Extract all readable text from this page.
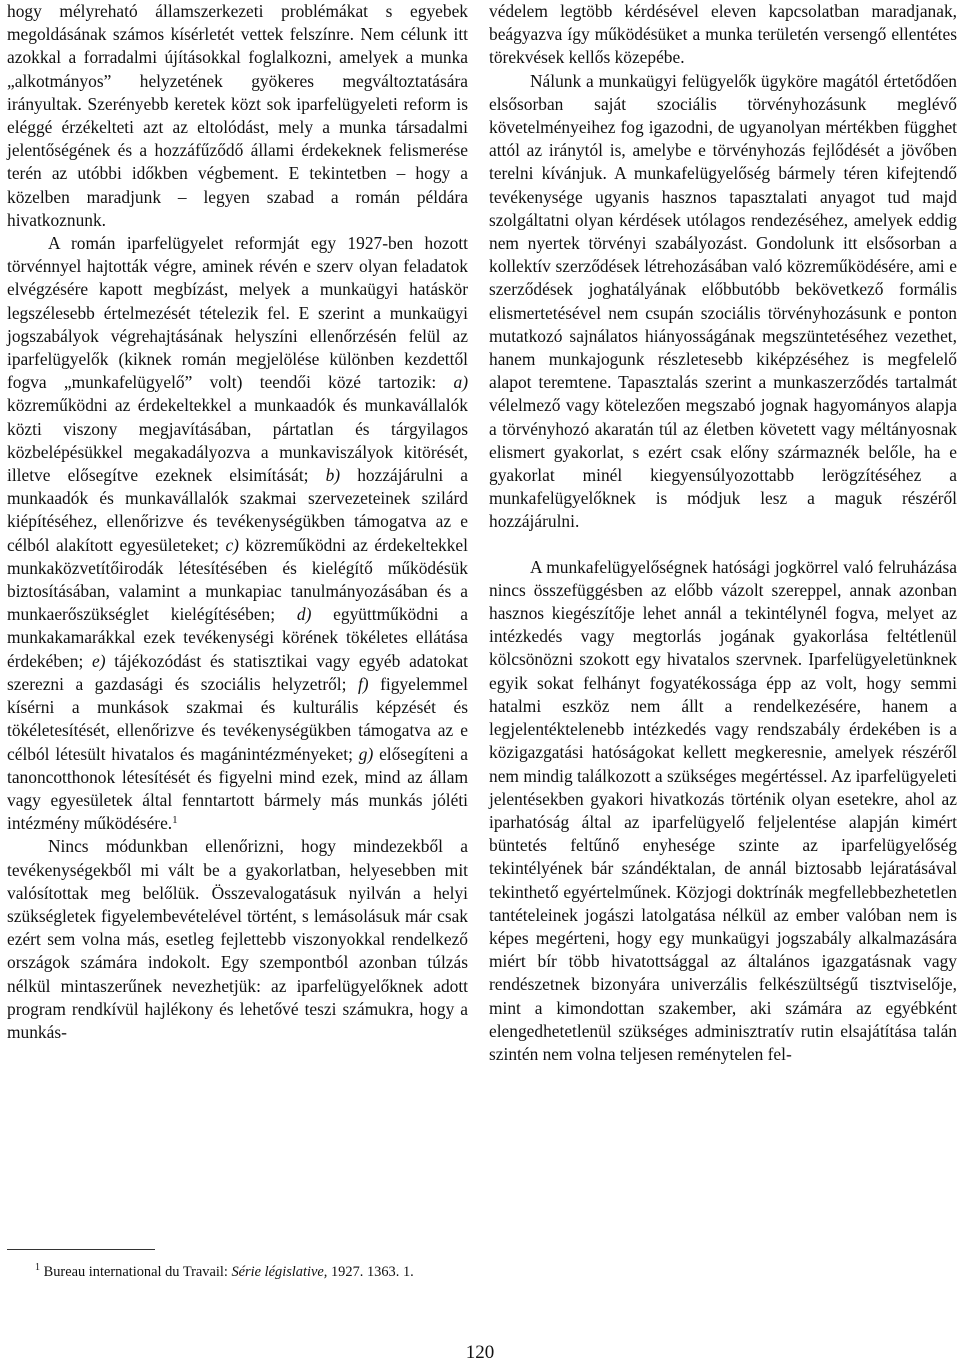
hogy mélyreható államszerkezeti problémákat s egyebek megoldásának számos kísérletét vettek felszínre. Nem célunk itt azokkal a forradalmi újításokkal foglalkozni, amelyek a munka „alkotmányos” helyzetének gyökeres megváltoztatására irányultak. Szerényebb keretek közt sok iparfelügyeleti reform is eléggé érzékelteti azt az eltolódást, mely a munka társadalmi jelentőségének és a hozzáfűződő állami érdekeknek felismerése terén az utóbbi időkben végbement. E tekintetben – hogy a közelben maradjunk – legyen szabad a román példára hivatkoznunk.

A román iparfelügyelet reformját egy 1927-ben hozott törvénnyel hajtották végre, aminek révén e szerv olyan feladatok elvégzésére kapott megbízást, melyek a munkaügyi hatáskör legszélesebb értelmezését tételezik fel. E szerint a munkaügyi jogszabályok végrehajtásának helyszíni ellenőrzésén felül az iparfelügyelők (kiknek román megjelölése különben kezdettől fogva „munkafelügyelő” volt) teendői közé tartozik: a) közreműködni az érdekeltekkel a munkaadók és munkavállalók közti viszony megjavításában, pártatlan és tárgyilagos közbelépésükkel megakadályozva a munkaviszályok kitörését, illetve elősegítve ezeknek elsimítását; b) hozzájárulni a munkaadók és munkavállalók szakmai szervezeteinek szilárd kiépítéséhez, ellenőrizve és tevékenységükben támogatva az e célból alakított egyesületeket; c) közreműködni az érdekeltekkel munkaközvetítőirodák létesítésében és kielégítő működésük biztosításában, valamint a munkapiac tanulmányozásában és a munkaerőszükséglet kielégítésében; d) együttműködni a munkakamarákkal ezek tevékenységi körének tökéletes ellátása érdekében; e) tájékozódást és statisztikai vagy egyéb adatokat szerezni a gazdasági és szociális helyzetről; f) figyelemmel kísérni a munkások szakmai és kulturális képzését és tökéletesítését, ellenőrizve és tevékenységükben támogatva az e célból létesült hivatalos és magánintézményeket; g) elősegíteni a tanoncotthonok létesítését és figyelni mind ezek, mind az állam vagy egyesületek által fenntartott bármely más munkás jóléti intézmény működésére.$^1$

Nincs módunkban ellenőrizni, hogy mindezekből a tevékenységekből mi vált be a gyakorlatban, helyesebben mit valósítottak meg belőlük. Összevalogatásuk nyilván a helyi szükségletek figyelembevételével történt, s lemásolásuk már csak ezért sem volna más, esetleg fejlettebb viszonyokkal rendelkező országok számára indokolt. Egy szempontból azonban túlzás nélkül mintaszerűnek nevezhetjük: az iparfelügyelőknek adott program rendkívül hajlékony és lehetővé teszi számukra, hogy a munkás-

$^1$ Bureau international du Travail: Série législative, 1927. 1363. 1.

védelem legtöbb kérdésével eleven kapcsolatban maradjanak, beágyazva így működésüket a munka területén versengő ellentétes törekvések kellős közepébe.

Nálunk a munkaügyi felügyelők ügyköre magától értetődően elsősorban saját szociális törvényhozásunk meglévő követelményeihez fog igazodni, de ugyanolyan mértékben függhet attól az iránytól is, amelybe e törvényhozás fejlődését a jövőben terelni kívánjuk. A munkafelügyelőség bármely téren kifejtendő tevékenysége ugyanis hasznos tapasztalati anyagot tud majd szolgáltatni olyan kérdések utólagos rendezéséhez, amelyek eddig nem nyertek törvényi szabályozást. Gondolunk itt elsősorban a kollektív szerződések létrehozásában való közreműködésére, ami e szerződések joghatályának előbbutóbb bekövetkező formális elismertetésével nem csupán szociális törvényhozásunk e ponton mutatkozó sajnálatos hiányosságának megszüntetéséhez vezethet, hanem munkajogunk részletesebb kiképzéséhez is megfelelő alapot teremtene. Tapasztalás szerint a munkaszerződés tartalmát vélelmező vagy kötelezően megszabó jognak hagyományos alapja a törvényhozó akaratán túl az életben követett vagy méltányosnak elismert gyakorlat, s ezért csak előny származnék belőle, ha e gyakorlat minél kiegyensúlyozottabb lerögzítéséhez a munkafelügyelőknek is módjuk lesz a maguk részéről hozzájárulni.

A munkafelügyelőségnek hatósági jogkörrel való felruházása nincs összefüggésben az előbb vázolt szereppel, annak azonban hasznos kiegészítője lehet annál a tekintélynél fogva, melyet az intézkedés vagy megtorlás jogának gyakorlása feltétlenül kölcsönözni szokott egy hivatalos szervnek. Iparfelügyeletünknek egyik sokat felhányt fogyatékossága épp az volt, hogy semmi hatalmi eszköz nem állt a rendelkezésére, hanem a legjelentéktelenebb intézkedés vagy rendszabály érdekében is a közigazgatási hatóságokat kellett megkeresnie, amelyek részéről nem mindig találkozott a szükséges megértéssel. Az iparfelügyeleti jelentésekben gyakori hivatkozás történik olyan esetekre, ahol az iparhatóság által az iparfelügyelő feljelentése alapján kimért büntetés feltűnő enyhesége szinte az iparfelügyelőség tekintélyének bár szándéktalan, de annál biztosabb lejáratásával tekinthető egyértelműnek. Közjogi doktrínák megfellebbezhetetlen tantételeinek jogászi latolgatása nélkül az ember valóban nem is képes megérteni, hogy egy munkaügyi jogszabály alkalmazására miért bír több hivatottsággal az általános igazgatásnak vagy rendészetnek bizonyára univerzális felkészültségű tisztviselője, mint a kimondottan szakember, aki számára az egyébként elengedhetetlenül szükséges adminisztratív rutin elsajátítása talán szintén nem volna teljesen reménytelen fel-

120
